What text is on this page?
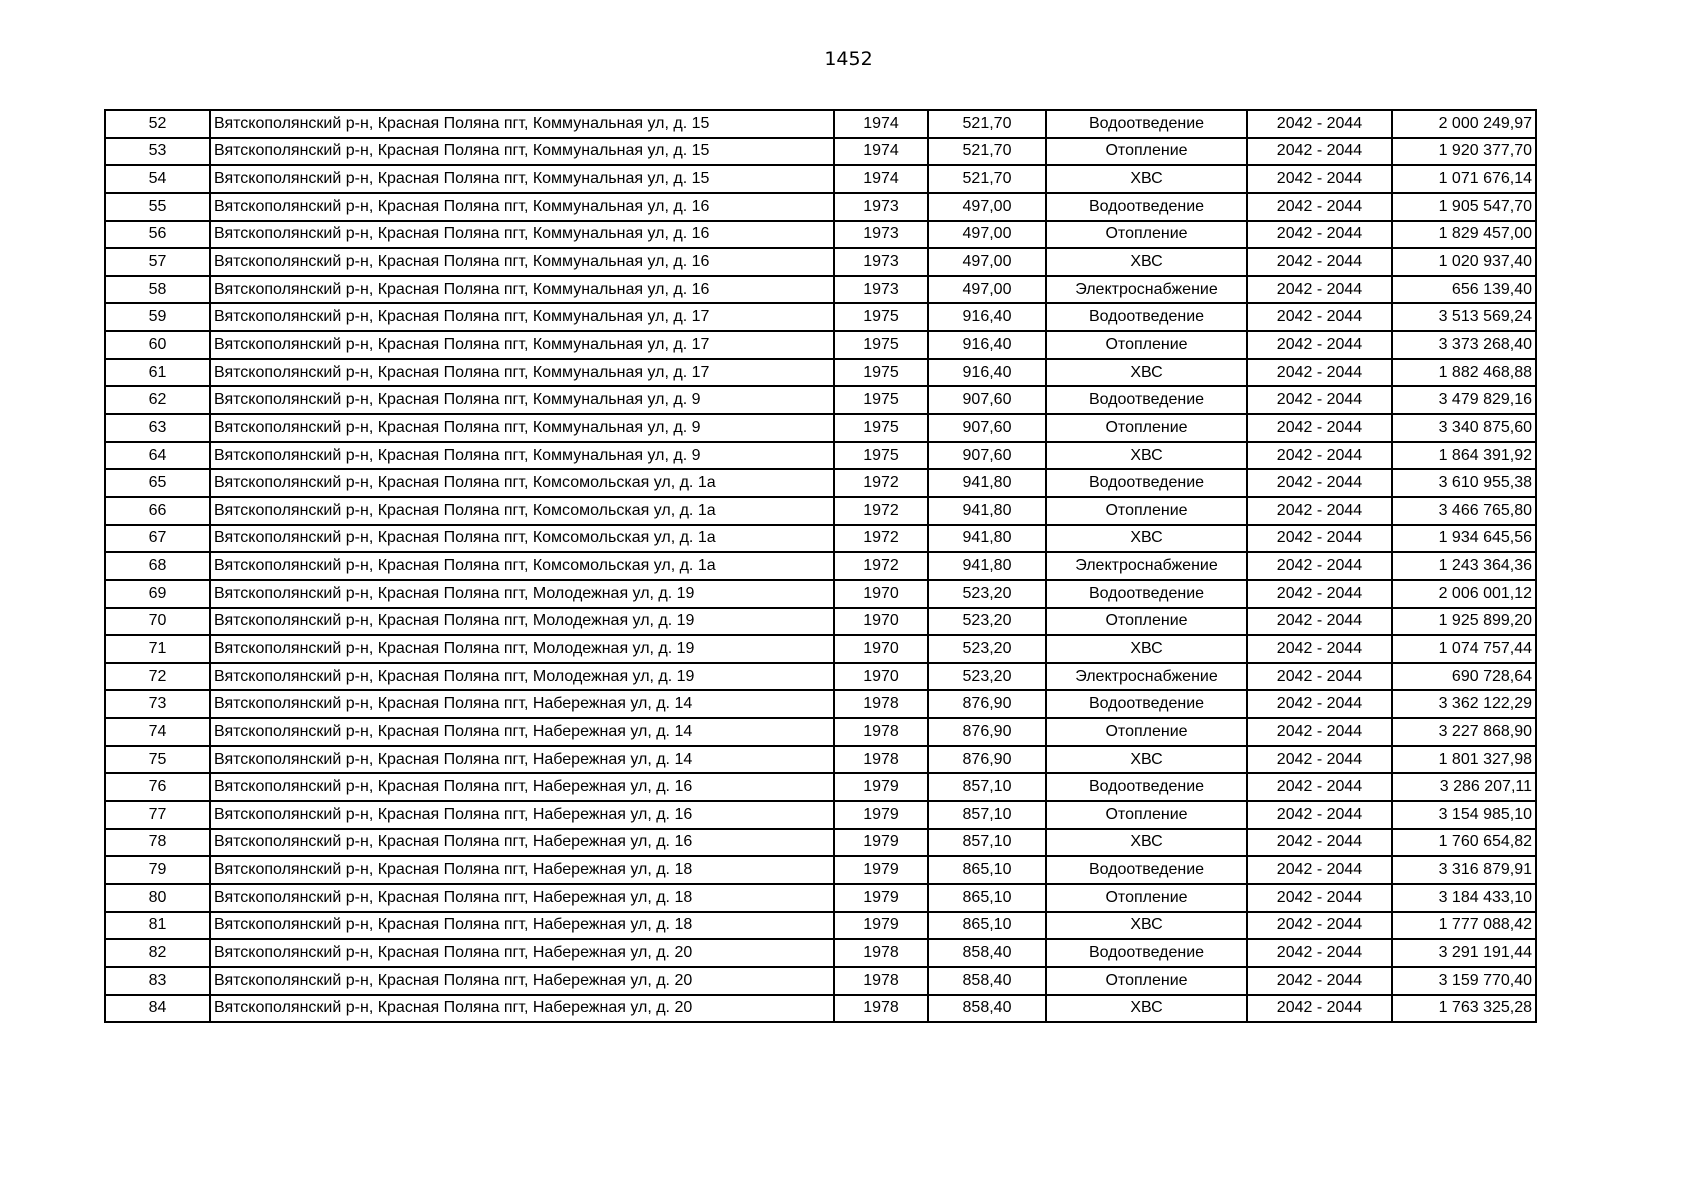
1452
52	Вятскополянский р-н, Красная Поляна пгт, Коммунальная ул, д. 15	1974	521,70	Водоотведение	2042 - 2044	2 000 249,97
53	Вятскополянский р-н, Красная Поляна пгт, Коммунальная ул, д. 15	1974	521,70	Отопление	2042 - 2044	1 920 377,70
54	Вятскополянский р-н, Красная Поляна пгт, Коммунальная ул, д. 15	1974	521,70	ХВС	2042 - 2044	1 071 676,14
55	Вятскополянский р-н, Красная Поляна пгт, Коммунальная ул, д. 16	1973	497,00	Водоотведение	2042 - 2044	1 905 547,70
56	Вятскополянский р-н, Красная Поляна пгт, Коммунальная ул, д. 16	1973	497,00	Отопление	2042 - 2044	1 829 457,00
57	Вятскополянский р-н, Красная Поляна пгт, Коммунальная ул, д. 16	1973	497,00	ХВС	2042 - 2044	1 020 937,40
58	Вятскополянский р-н, Красная Поляна пгт, Коммунальная ул, д. 16	1973	497,00	Электроснабжение	2042 - 2044	656 139,40
59	Вятскополянский р-н, Красная Поляна пгт, Коммунальная ул, д. 17	1975	916,40	Водоотведение	2042 - 2044	3 513 569,24
60	Вятскополянский р-н, Красная Поляна пгт, Коммунальная ул, д. 17	1975	916,40	Отопление	2042 - 2044	3 373 268,40
61	Вятскополянский р-н, Красная Поляна пгт, Коммунальная ул, д. 17	1975	916,40	ХВС	2042 - 2044	1 882 468,88
62	Вятскополянский р-н, Красная Поляна пгт, Коммунальная ул, д. 9	1975	907,60	Водоотведение	2042 - 2044	3 479 829,16
63	Вятскополянский р-н, Красная Поляна пгт, Коммунальная ул, д. 9	1975	907,60	Отопление	2042 - 2044	3 340 875,60
64	Вятскополянский р-н, Красная Поляна пгт, Коммунальная ул, д. 9	1975	907,60	ХВС	2042 - 2044	1 864 391,92
65	Вятскополянский р-н, Красная Поляна пгт, Комсомольская ул, д. 1а	1972	941,80	Водоотведение	2042 - 2044	3 610 955,38
66	Вятскополянский р-н, Красная Поляна пгт, Комсомольская ул, д. 1а	1972	941,80	Отопление	2042 - 2044	3 466 765,80
67	Вятскополянский р-н, Красная Поляна пгт, Комсомольская ул, д. 1а	1972	941,80	ХВС	2042 - 2044	1 934 645,56
68	Вятскополянский р-н, Красная Поляна пгт, Комсомольская ул, д. 1а	1972	941,80	Электроснабжение	2042 - 2044	1 243 364,36
69	Вятскополянский р-н, Красная Поляна пгт, Молодежная ул, д. 19	1970	523,20	Водоотведение	2042 - 2044	2 006 001,12
70	Вятскополянский р-н, Красная Поляна пгт, Молодежная ул, д. 19	1970	523,20	Отопление	2042 - 2044	1 925 899,20
71	Вятскополянский р-н, Красная Поляна пгт, Молодежная ул, д. 19	1970	523,20	ХВС	2042 - 2044	1 074 757,44
72	Вятскополянский р-н, Красная Поляна пгт, Молодежная ул, д. 19	1970	523,20	Электроснабжение	2042 - 2044	690 728,64
73	Вятскополянский р-н, Красная Поляна пгт, Набережная ул, д. 14	1978	876,90	Водоотведение	2042 - 2044	3 362 122,29
74	Вятскополянский р-н, Красная Поляна пгт, Набережная ул, д. 14	1978	876,90	Отопление	2042 - 2044	3 227 868,90
75	Вятскополянский р-н, Красная Поляна пгт, Набережная ул, д. 14	1978	876,90	ХВС	2042 - 2044	1 801 327,98
76	Вятскополянский р-н, Красная Поляна пгт, Набережная ул, д. 16	1979	857,10	Водоотведение	2042 - 2044	3 286 207,11
77	Вятскополянский р-н, Красная Поляна пгт, Набережная ул, д. 16	1979	857,10	Отопление	2042 - 2044	3 154 985,10
78	Вятскополянский р-н, Красная Поляна пгт, Набережная ул, д. 16	1979	857,10	ХВС	2042 - 2044	1 760 654,82
79	Вятскополянский р-н, Красная Поляна пгт, Набережная ул, д. 18	1979	865,10	Водоотведение	2042 - 2044	3 316 879,91
80	Вятскополянский р-н, Красная Поляна пгт, Набережная ул, д. 18	1979	865,10	Отопление	2042 - 2044	3 184 433,10
81	Вятскополянский р-н, Красная Поляна пгт, Набережная ул, д. 18	1979	865,10	ХВС	2042 - 2044	1 777 088,42
82	Вятскополянский р-н, Красная Поляна пгт, Набережная ул, д. 20	1978	858,40	Водоотведение	2042 - 2044	3 291 191,44
83	Вятскополянский р-н, Красная Поляна пгт, Набережная ул, д. 20	1978	858,40	Отопление	2042 - 2044	3 159 770,40
84	Вятскополянский р-н, Красная Поляна пгт, Набережная ул, д. 20	1978	858,40	ХВС	2042 - 2044	1 763 325,28
